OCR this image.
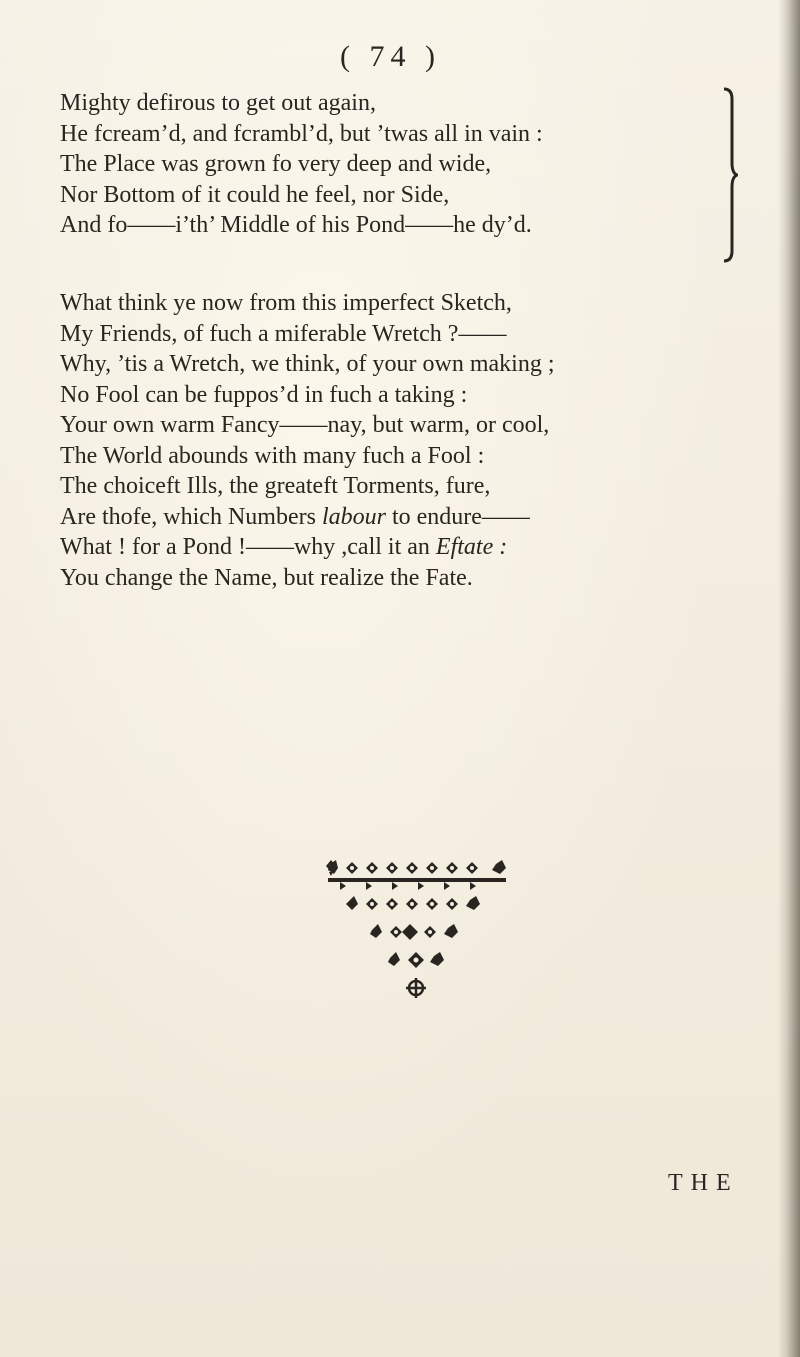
( 74 )
Mighty defirous to get out again,
He fcream’d, and fcrambl’d, but ’twas all in vain :
The Place was grown fo very deep and wide,
Nor Bottom of it could he feel, nor Side,
And fo——i’th’ Middle of his Pond——he dy’d.
What think ye now from this imperfect Sketch,
My Friends, of fuch a miferable Wretch ?——
Why, ’tis a Wretch, we think, of your own making ;
No Fool can be fuppos’d in fuch a taking :
Your own warm Fancy——nay, but warm, or cool,
The World abounds with many fuch a Fool :
The choiceft Ills, the greateft Torments, fure,
Are thofe, which Numbers labour to endure——
What ! for a Pond !——why ,call it an Eftate :
You change the Name, but realize the Fate.
THE
